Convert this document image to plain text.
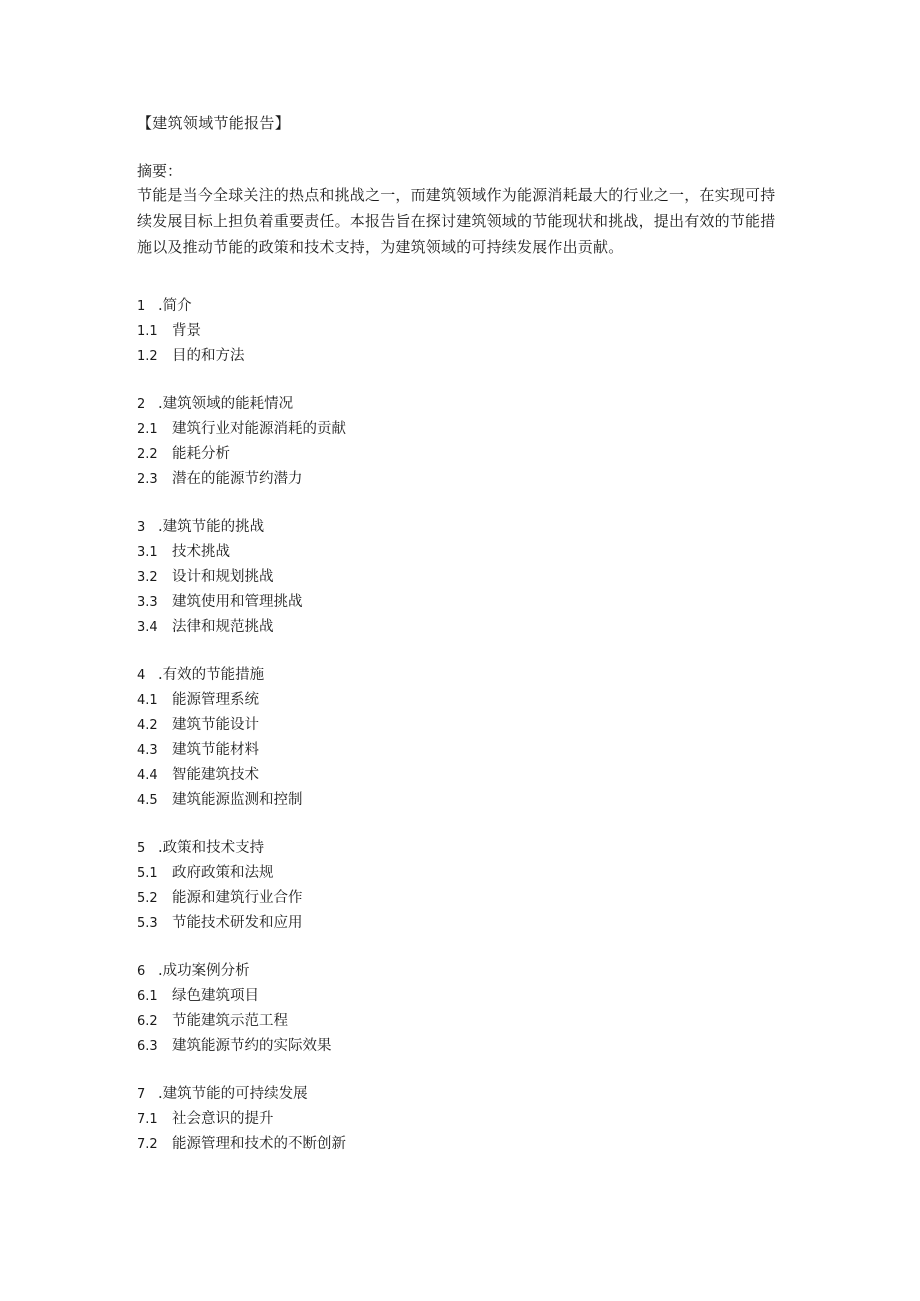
【建筑领域节能报告】
摘要：
节能是当今全球关注的热点和挑战之一，而建筑领域作为能源消耗最大的行业之一，在实现可持续发展目标上担负着重要责任。本报告旨在探讨建筑领域的节能现状和挑战，提出有效的节能措施以及推动节能的政策和技术支持，为建筑领域的可持续发展作出贡献。
1 .简介
1.1 背景
1.2 目的和方法
2 .建筑领域的能耗情况
2.1 建筑行业对能源消耗的贡献
2.2 能耗分析
2.3 潜在的能源节约潜力
3 .建筑节能的挑战
3.1 技术挑战
3.2 设计和规划挑战
3.3 建筑使用和管理挑战
3.4 法律和规范挑战
4 .有效的节能措施
4.1 能源管理系统
4.2 建筑节能设计
4.3 建筑节能材料
4.4 智能建筑技术
4.5 建筑能源监测和控制
5 .政策和技术支持
5.1 政府政策和法规
5.2 能源和建筑行业合作
5.3 节能技术研发和应用
6 .成功案例分析
6.1 绿色建筑项目
6.2 节能建筑示范工程
6.3 建筑能源节约的实际效果
7 .建筑节能的可持续发展
7.1 社会意识的提升
7.2 能源管理和技术的不断创新
